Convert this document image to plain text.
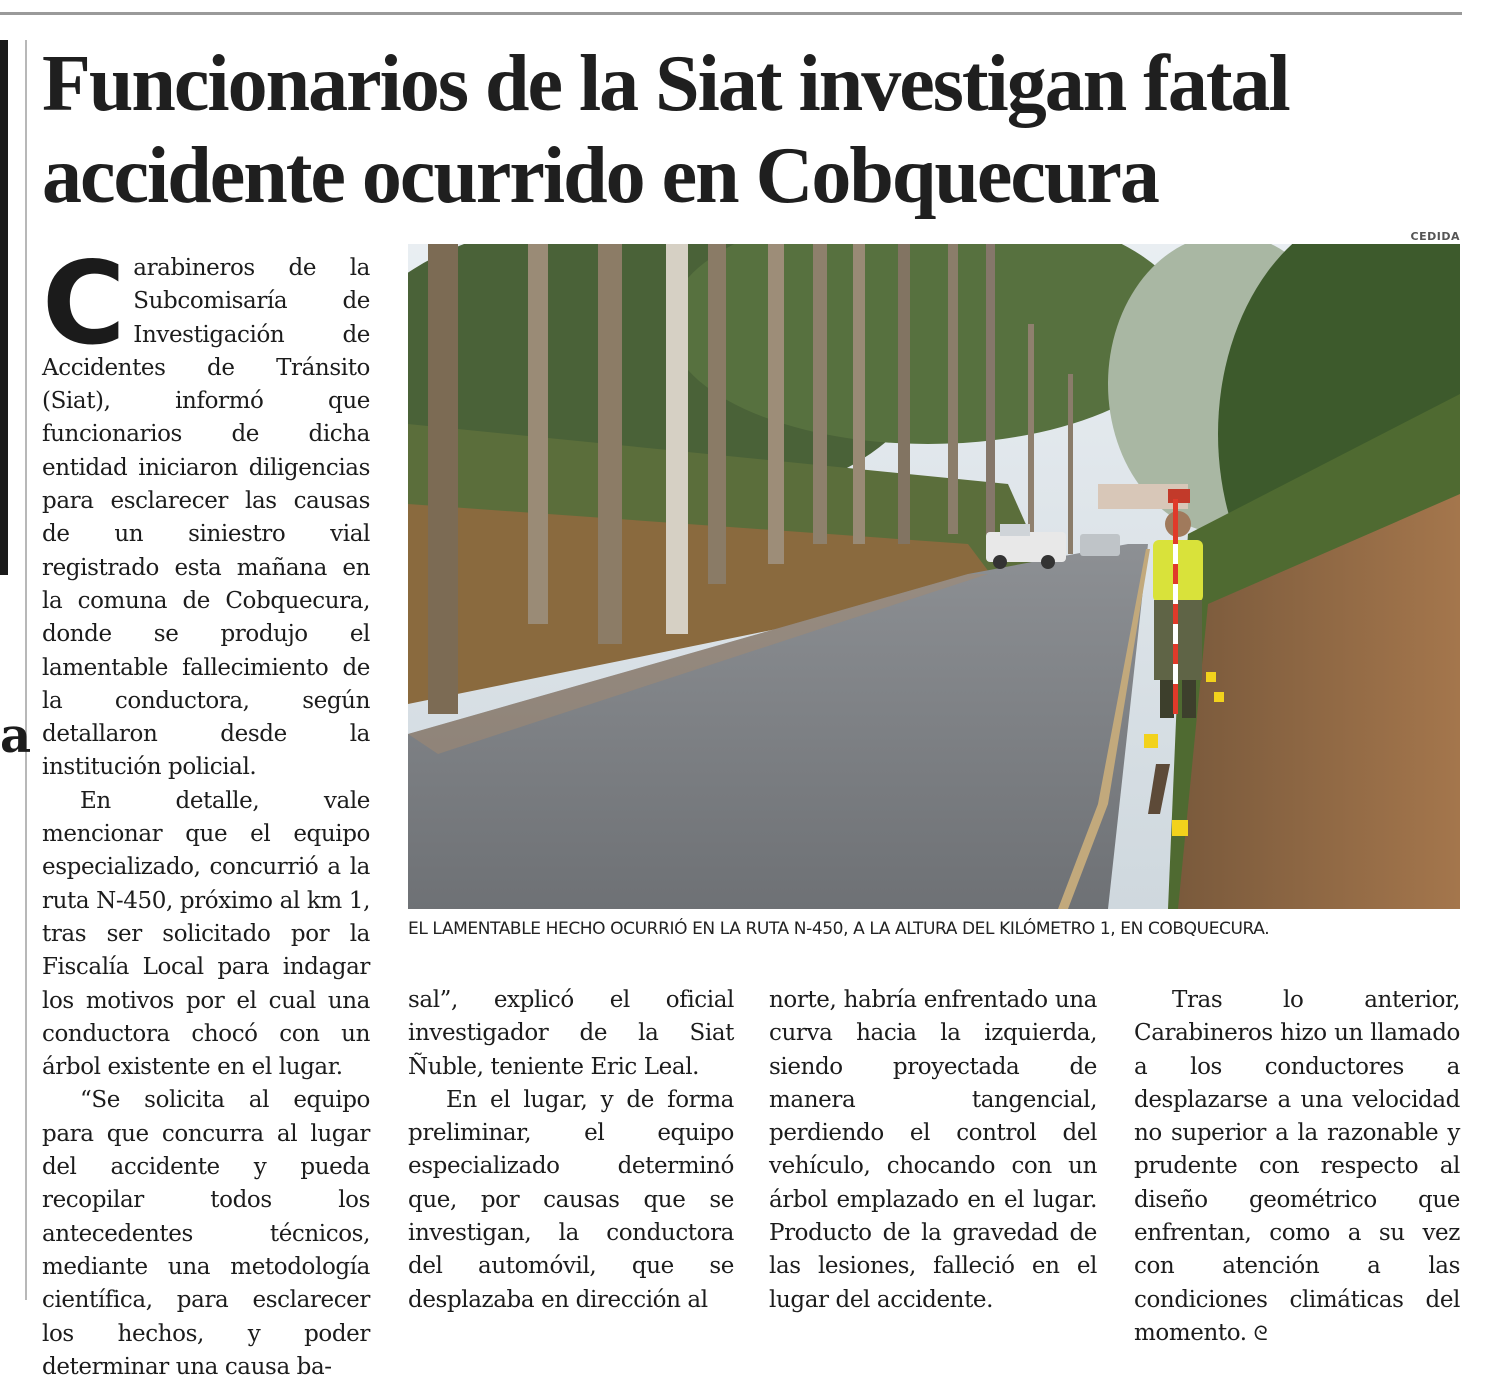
a
Funcionarios de la Siat investigan fatal
accidente ocurrido en Cobquecura

Carabineros de la Subcomisaría de Investigación de Accidentes de Tránsito (Siat), informó que funcionarios de dicha entidad iniciaron diligencias para esclarecer las causas de un siniestro vial registrado esta mañana en la comuna de Cobquecura, donde se produjo el lamentable fallecimiento de la conductora, según detallaron desde la institución policial.

En detalle, vale mencionar que el equipo especializado, concurrió a la ruta N-450, próximo al km 1, tras ser solicitado por la Fiscalía Local para indagar los motivos por el cual una conductora chocó con un árbol existente en el lugar.

“Se solicita al equipo para que concurra al lugar del accidente y pueda recopilar todos los antecedentes técnicos, mediante una metodología científica, para esclarecer los hechos, y poder determinar una causa ba-

CEDIDA
EL LAMENTABLE HECHO OCURRIÓ EN LA RUTA N-450, A LA ALTURA DEL KILÓMETRO 1, EN COBQUECURA.

sal”, explicó el oficial investigador de la Siat Ñuble, teniente Eric Leal.

En el lugar, y de forma preliminar, el equipo especializado determinó que, por causas que se investigan, la conductora del automóvil, que se desplazaba en dirección al

norte, habría enfrentado una curva hacia la izquierda, siendo proyectada de manera tangencial, perdiendo el control del vehículo, chocando con un árbol emplazado en el lugar. Producto de la gravedad de las lesiones, falleció en el lugar del accidente.

Tras lo anterior, Carabineros hizo un llamado a los conductores a desplazarse a una velocidad no superior a la razonable y prudente con respecto al diseño geométrico que enfrentan, como a su vez con atención a las condiciones climáticas del momento. ᘓ
